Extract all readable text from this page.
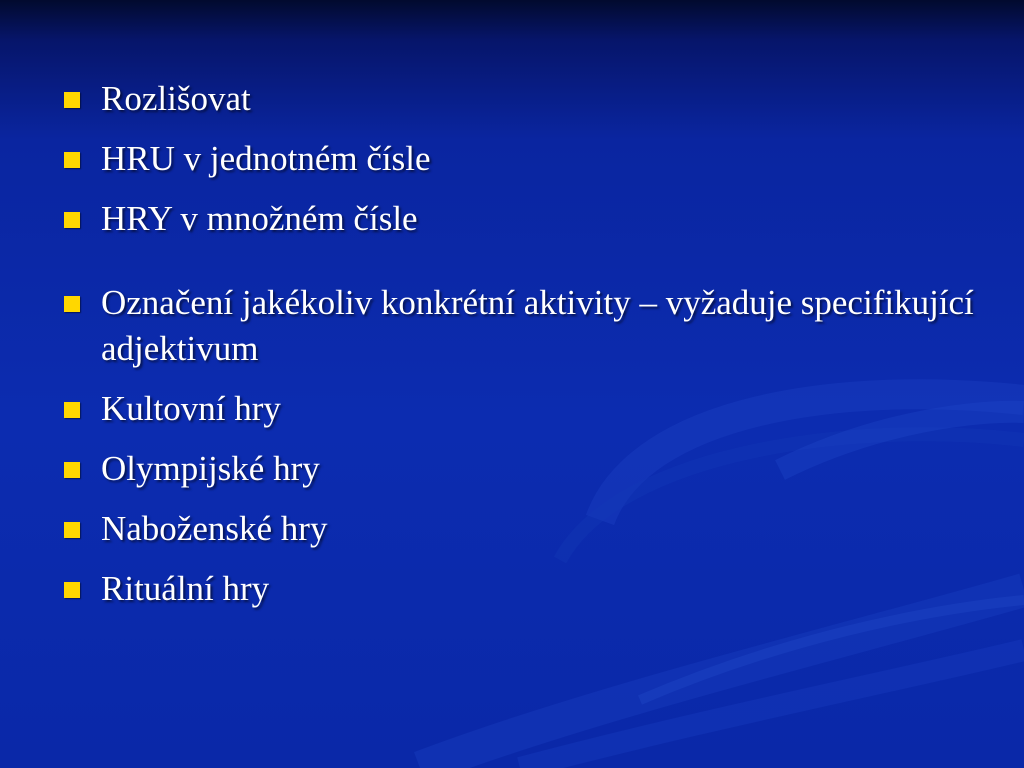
Rozlišovat
HRU v jednotném čísle
HRY v množném čísle
Označení jakékoliv konkrétní aktivity – vyžaduje specifikující adjektivum
Kultovní hry
Olympijské hry
Naboženské hry
Rituální hry
